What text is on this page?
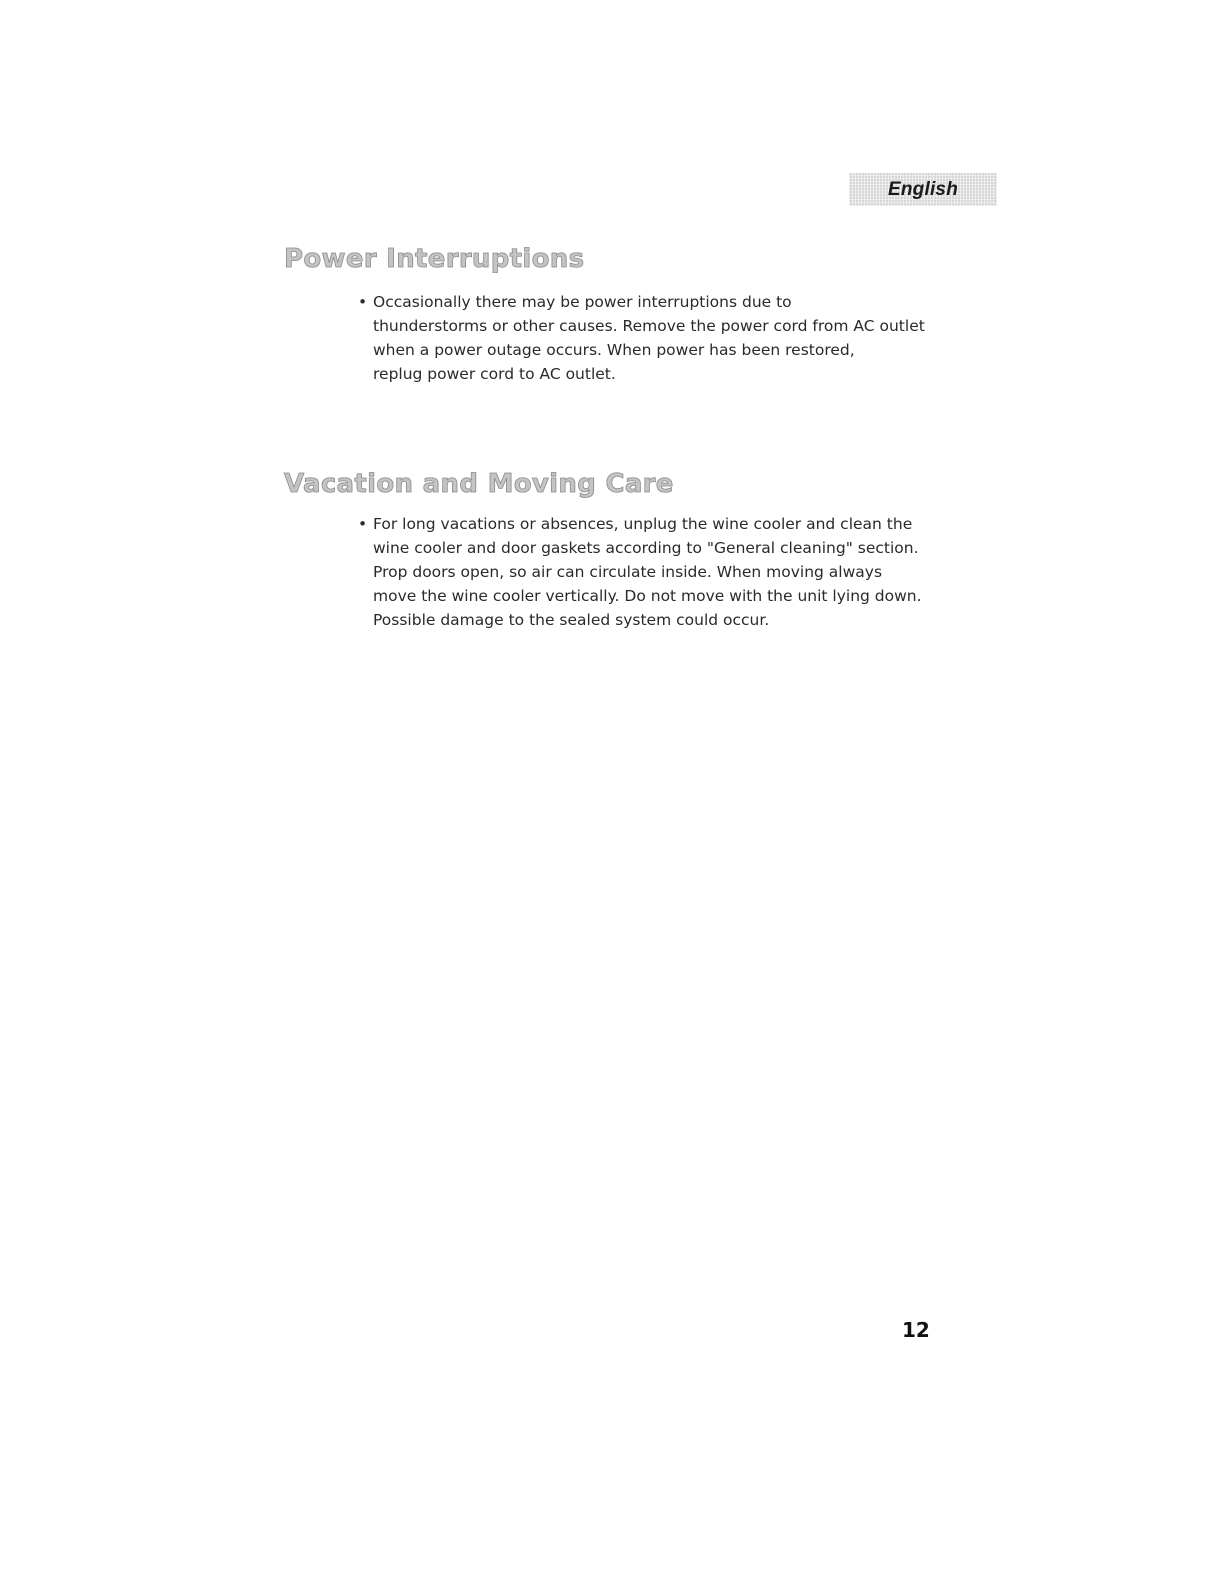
English
Power Interruptions
• Occasionally there may be power interruptions due to
thunderstorms or other causes. Remove the power cord from AC outlet
when a power outage occurs. When power has been restored,
replug power cord to AC outlet.
Vacation and Moving Care
• For long vacations or absences, unplug the wine cooler and clean the
wine cooler and door gaskets according to "General cleaning" section.
Prop doors open, so air can circulate inside. When moving always
move the wine cooler vertically. Do not move with the unit lying down.
Possible damage to the sealed system could occur.
12
